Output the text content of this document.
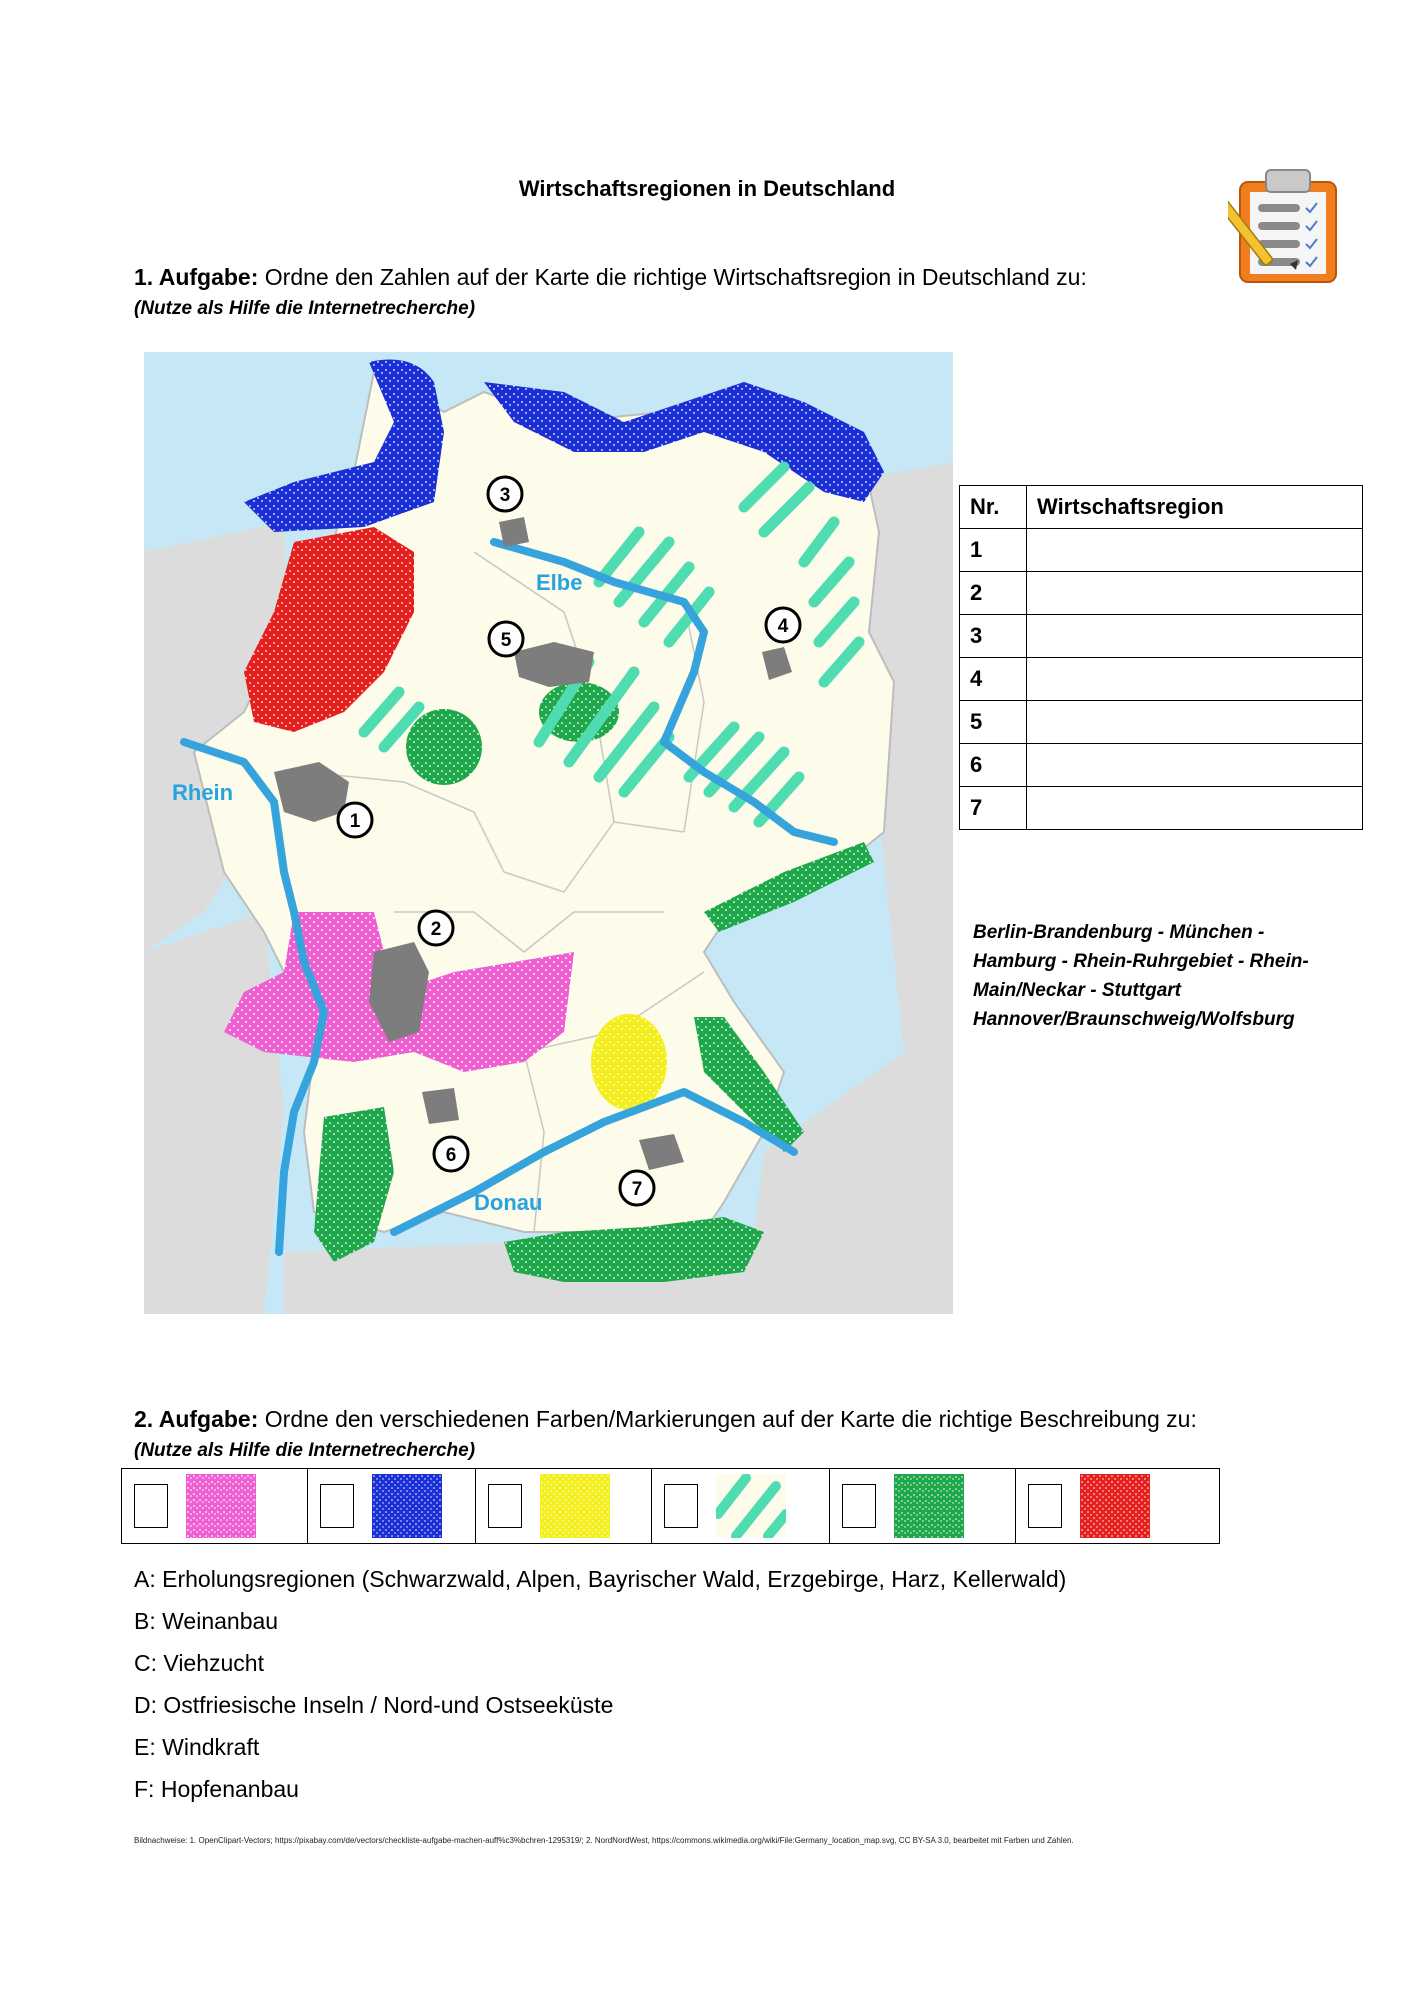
Wirtschaftsregionen in Deutschland
1. Aufgabe: Ordne den Zahlen auf der Karte die richtige Wirtschaftsregion in Deutschland zu:
(Nutze als Hilfe die Internetrecherche)
Elbe
Rhein
Donau
1
2
3
4
5
6
7
Nr.	Wirtschaftsregion
1	
2	
3	
4	
5	
6	
7	
Berlin-Brandenburg - München -
Hamburg - Rhein-Ruhrgebiet - Rhein-
Main/Neckar - Stuttgart
Hannover/Braunschweig/Wolfsburg
2. Aufgabe: Ordne den verschiedenen Farben/Markierungen auf der Karte die richtige Beschreibung zu:
(Nutze als Hilfe die Internetrecherche)
A: Erholungsregionen (Schwarzwald, Alpen, Bayrischer Wald, Erzgebirge, Harz, Kellerwald)
B: Weinanbau
C: Viehzucht
D: Ostfriesische Inseln / Nord-und Ostseeküste
E: Windkraft
F: Hopfenanbau
Bildnachweise: 1. OpenClipart-Vectors; https://pixabay.com/de/vectors/checkliste-aufgabe-machen-auff%c3%bchren-1295319/; 2. NordNordWest, https://commons.wikimedia.org/wiki/File:Germany_location_map.svg, CC BY-SA 3.0, bearbeitet mit Farben und Zahlen.
